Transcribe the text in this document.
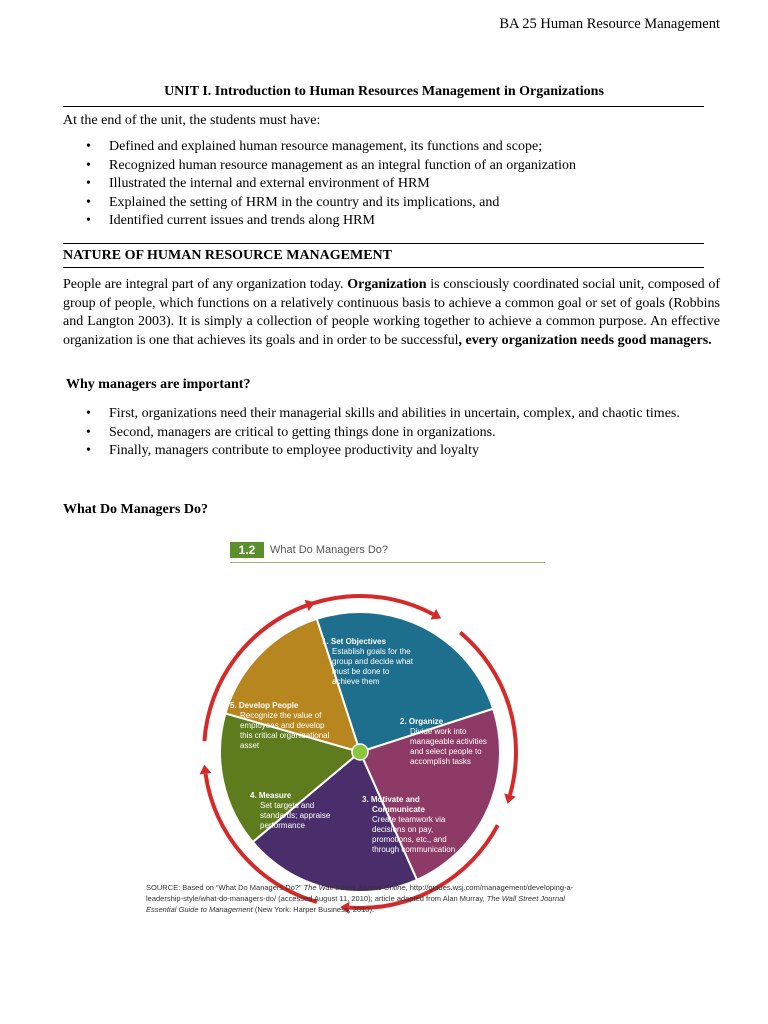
BA 25 Human Resource Management
UNIT I. Introduction to Human Resources Management in Organizations
At the end of the unit, the students must have:
• Defined and explained human resource management, its functions and scope;
• Recognized human resource management as an integral function of an organization
• Illustrated the internal and external environment of HRM
• Explained the setting of HRM in the country and its implications, and
• Identified current issues and trends along HRM
NATURE OF HUMAN RESOURCE MANAGEMENT
People are integral part of any organization today. Organization is consciously coordinated social unit, composed of group of people, which functions on a relatively continuous basis to achieve a common goal or set of goals (Robbins and Langton 2003). It is simply a collection of people working together to achieve a common purpose. An effective organization is one that achieves its goals and in order to be successful, every organization needs good managers.
Why managers are important?
• First, organizations need their managerial skills and abilities in uncertain, complex, and chaotic times.
• Second, managers are critical to getting things done in organizations.
• Finally, managers contribute to employee productivity and loyalty
What Do Managers Do?
1.2	What Do Managers Do?
1. Set Objectives
Establish goals for the
group and decide what
must be done to
achieve them
2. Organize
Divide work into
manageable activities
and select people to
accomplish tasks
3. Motivate and
Communicate
Create teamwork via
decisions on pay,
promotions, etc., and
through communication
4. Measure
Set targets and
standards; appraise
performance
5. Develop People
Recognize the value of
employees and develop
this critical organizational
asset
SOURCE: Based on “What Do Managers Do?” The Wall Street Journal Online, http://guides.wsj.com/management/developing-a-leadership-style/what-do-managers-do/ (accessed August 11, 2010); article adapted from Alan Murray, The Wall Street Journal Essential Guide to Management (New York: Harper Business, 2010).
